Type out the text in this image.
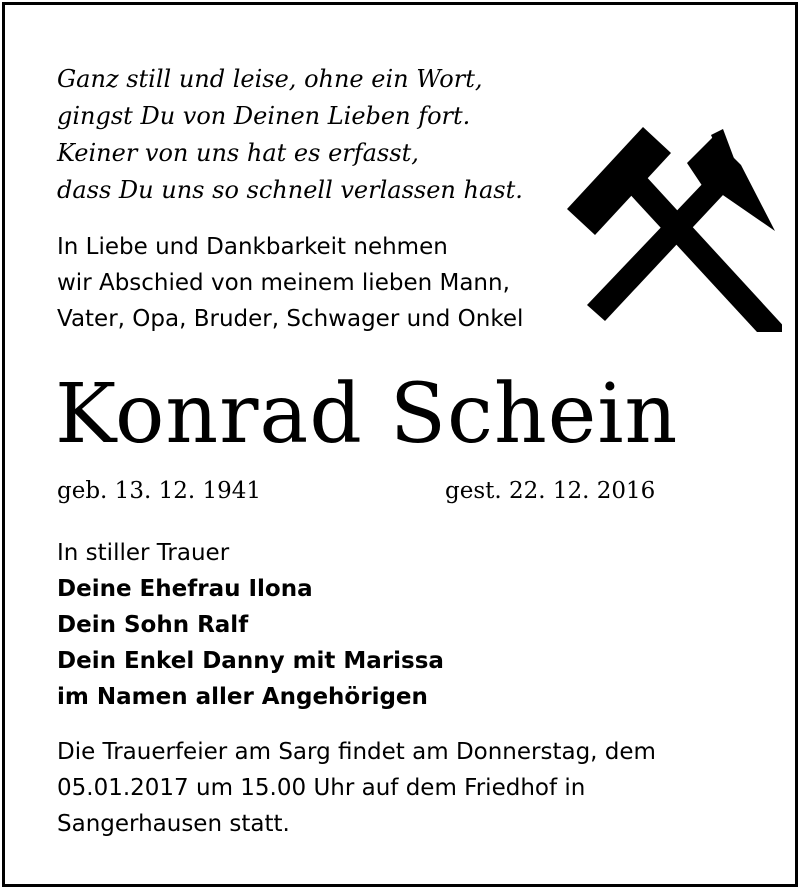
Ganz still und leise, ohne ein Wort,
gingst Du von Deinen Lieben fort.
Keiner von uns hat es erfasst,
dass Du uns so schnell verlassen hast.
In Liebe und Dankbarkeit nehmen
wir Abschied von meinem lieben Mann,
Vater, Opa, Bruder, Schwager und Onkel
Konrad Schein
geb. 13. 12. 1941	gest. 22. 12. 2016
In stiller Trauer
Deine Ehefrau Ilona
Dein Sohn Ralf
Dein Enkel Danny mit Marissa
im Namen aller Angehörigen
Die Trauerfeier am Sarg findet am Donnerstag, dem
05.01.2017 um 15.00 Uhr auf dem Friedhof in
Sangerhausen statt.
